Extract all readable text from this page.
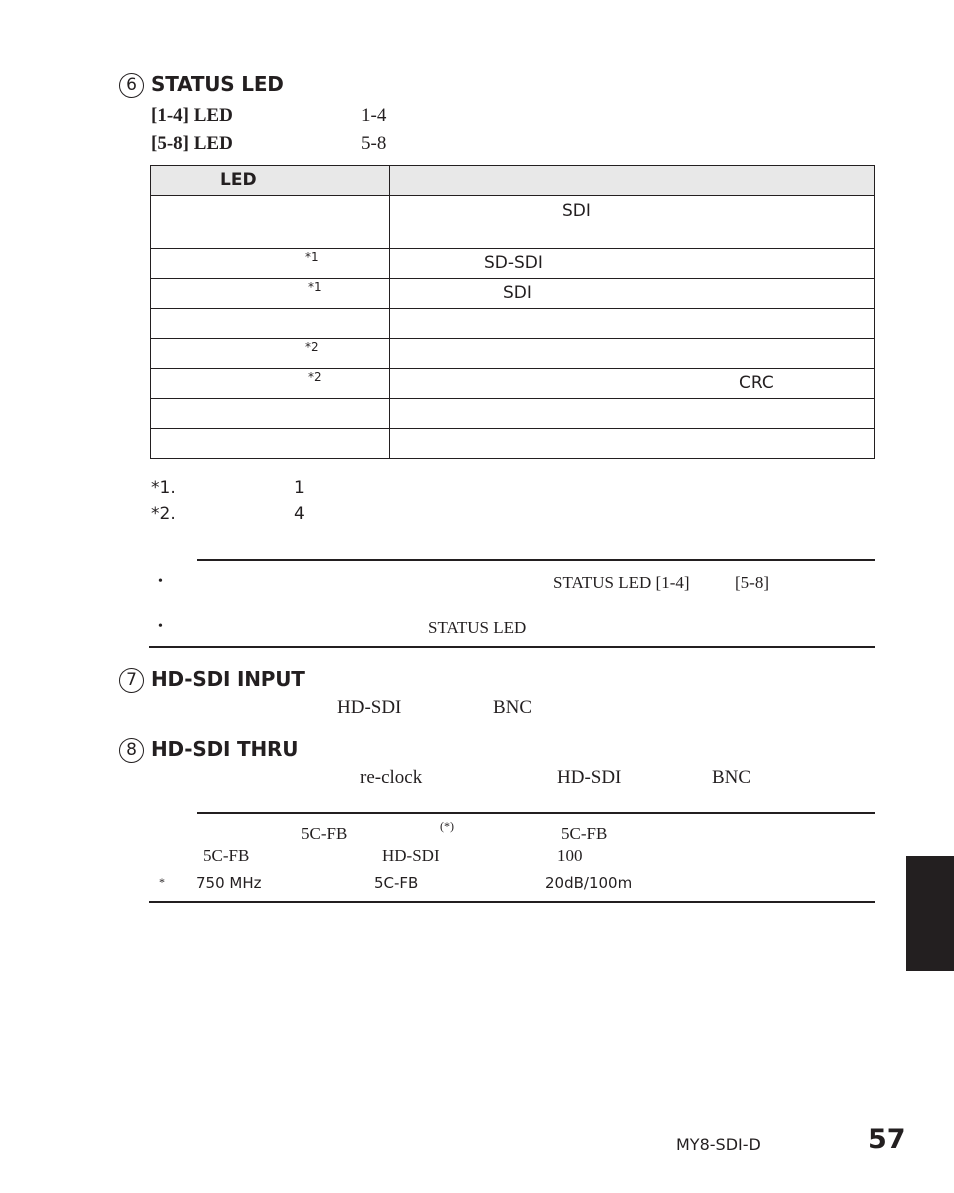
6 STATUS LED
[1-4] LED	1-4
[5-8] LED	5-8
LED	

	SDI

*1	SD-SDI

*1	SDI

*2	

*2	CRC

*1.	1
*2.	4
•	STATUS LED [1-4]	[5-8]
•	STATUS LED
7 HD-SDI INPUT
HD-SDI	BNC
8 HD-SDI THRU
re-clock	HD-SDI	BNC
5C-FB	(*)	5C-FB
5C-FB	HD-SDI	100
* 750 MHz	5C-FB	20dB/100m
MY8-SDI-D	57
